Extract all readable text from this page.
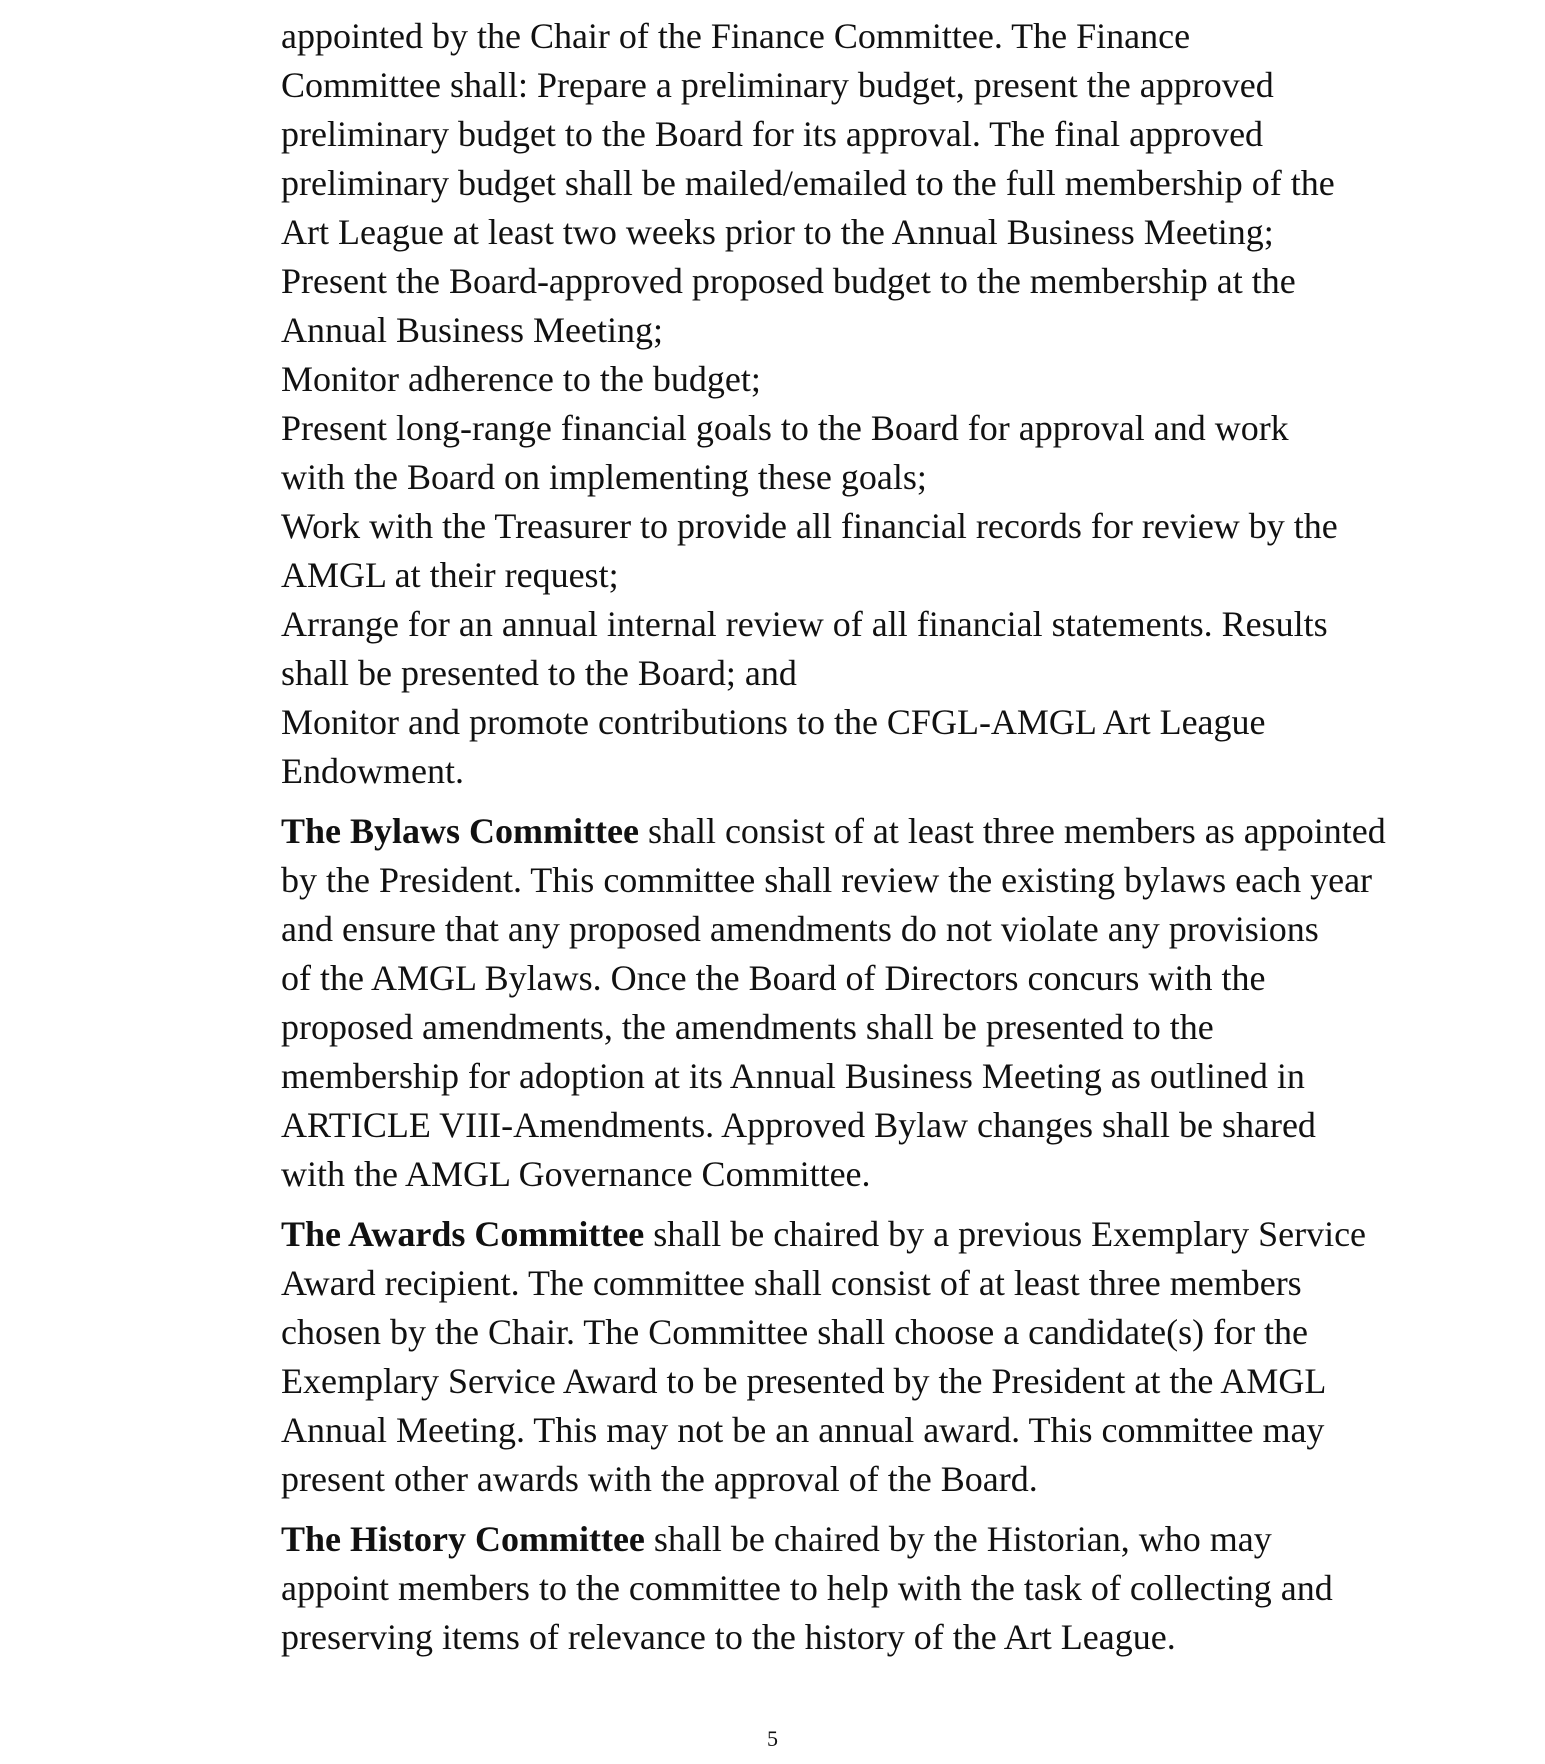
appointed by the Chair of the Finance Committee. The Finance
Committee shall: Prepare a preliminary budget, present the approved
preliminary budget to the Board for its approval. The final approved
preliminary budget shall be mailed/emailed to the full membership of the
Art League at least two weeks prior to the Annual Business Meeting;
Present the Board-approved proposed budget to the membership at the
Annual Business Meeting;
Monitor adherence to the budget;
Present long-range financial goals to the Board for approval and work
with the Board on implementing these goals;
Work with the Treasurer to provide all financial records for review by the
AMGL at their request;
Arrange for an annual internal review of all financial statements. Results
shall be presented to the Board; and
Monitor and promote contributions to the CFGL-AMGL Art League
Endowment.
The Bylaws Committee shall consist of at least three members as appointed
by the President. This committee shall review the existing bylaws each year
and ensure that any proposed amendments do not violate any provisions
of the AMGL Bylaws. Once the Board of Directors concurs with the
proposed amendments, the amendments shall be presented to the
membership for adoption at its Annual Business Meeting as outlined in
ARTICLE VIII-Amendments. Approved Bylaw changes shall be shared
with the AMGL Governance Committee.
The Awards Committee shall be chaired by a previous Exemplary Service
Award recipient. The committee shall consist of at least three members
chosen by the Chair. The Committee shall choose a candidate(s) for the
Exemplary Service Award to be presented by the President at the AMGL
Annual Meeting. This may not be an annual award. This committee may
present other awards with the approval of the Board.
The History Committee shall be chaired by the Historian, who may
appoint members to the committee to help with the task of collecting and
preserving items of relevance to the history of the Art League.
5
